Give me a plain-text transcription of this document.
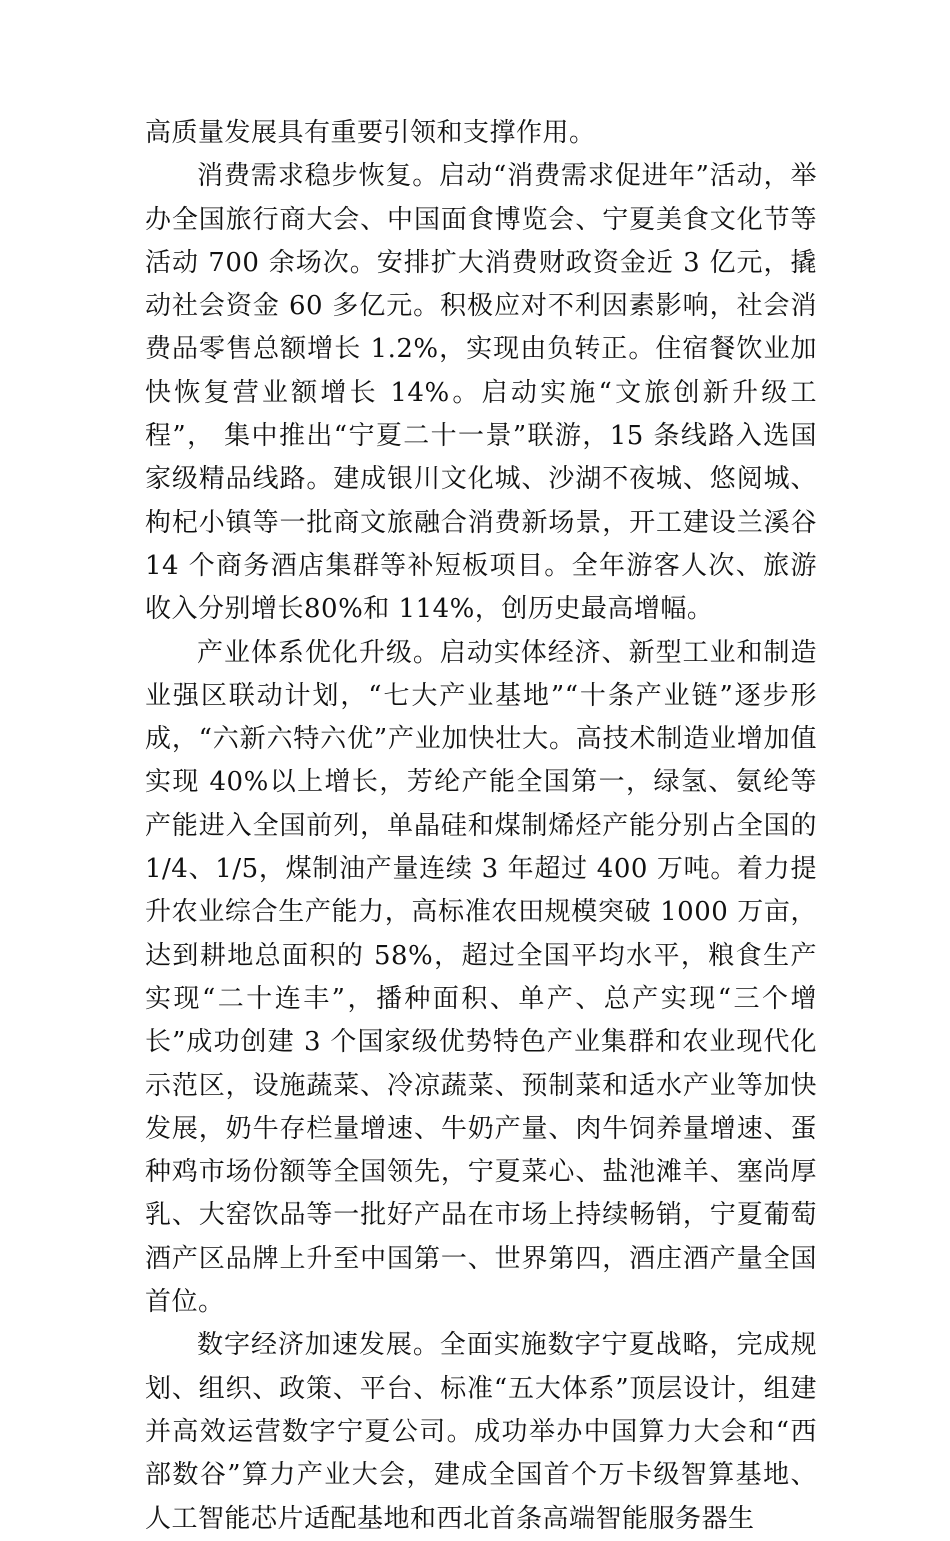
高质量发展具有重要引领和支撑作用。

消费需求稳步恢复。启动“消费需求促进年”活动，举办全国旅行商大会、中国面食博览会、宁夏美食文化节等活动 700 余场次。安排扩大消费财政资金近 3 亿元，撬动社会资金 60 多亿元。积极应对不利因素影响，社会消费品零售总额增长 1.2%，实现由负转正。住宿餐饮业加快恢复营业额增长 14%。启动实施“文旅创新升级工程”， 集中推出“宁夏二十一景”联游，15 条线路入选国家级精品线路。建成银川文化城、沙湖不夜城、悠阅城、枸杞小镇等一批商文旅融合消费新场景，开工建设兰溪谷 14 个商务酒店集群等补短板项目。全年游客人次、旅游收入分别增长80%和 114%，创历史最高增幅。

产业体系优化升级。启动实体经济、新型工业和制造业强区联动计划，“七大产业基地”“十条产业链”逐步形成，“六新六特六优”产业加快壮大。高技术制造业增加值实现 40%以上增长，芳纶产能全国第一，绿氢、氨纶等产能进入全国前列，单晶硅和煤制烯烃产能分别占全国的 1/4、1/5，煤制油产量连续 3 年超过 400 万吨。着力提升农业综合生产能力，高标准农田规模突破 1000 万亩，达到耕地总面积的 58%，超过全国平均水平，粮食生产实现“二十连丰”，播种面积、单产、总产实现“三个增长”成功创建 3 个国家级优势特色产业集群和农业现代化示范区，设施蔬菜、冷凉蔬菜、预制菜和适水产业等加快发展，奶牛存栏量增速、牛奶产量、肉牛饲养量增速、蛋种鸡市场份额等全国领先，宁夏菜心、盐池滩羊、塞尚厚乳、大窑饮品等一批好产品在市场上持续畅销，宁夏葡萄酒产区品牌上升至中国第一、世界第四，酒庄酒产量全国首位。

数字经济加速发展。全面实施数字宁夏战略，完成规划、组织、政策、平台、标准“五大体系”顶层设计，组建并高效运营数字宁夏公司。成功举办中国算力大会和“西部数谷”算力产业大会，建成全国首个万卡级智算基地、人工智能芯片适配基地和西北首条高端智能服务器生
